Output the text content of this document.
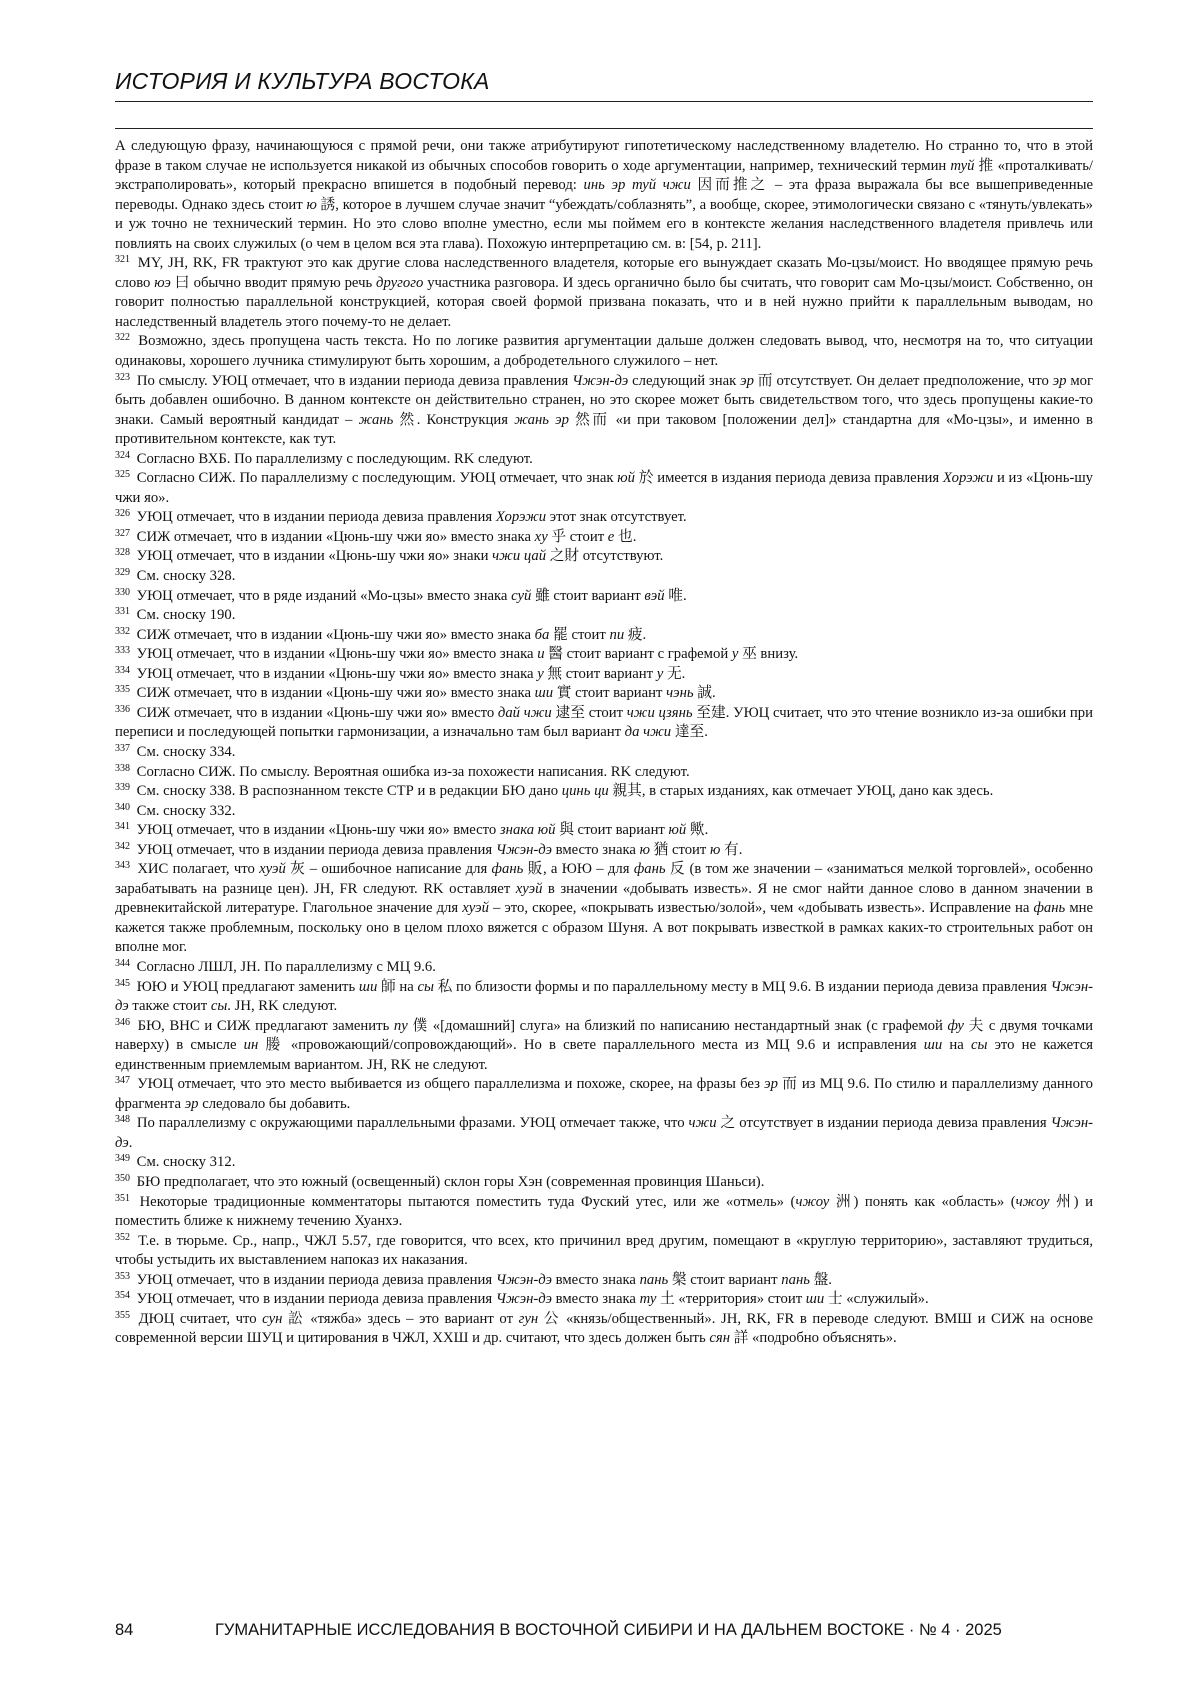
ИСТОРИЯ И КУЛЬТУРА ВОСТОКА

А следующую фразу, начинающуюся с прямой речи, они также атрибутируют гипотетическому наследственному владетелю. Но странно то, что в этой фразе в таком случае не используется никакой из обычных способов говорить о ходе аргументации, например, технический термин туй 推 «проталкивать/экстраполировать», который прекрасно впишется в подобный перевод: инь эр туй чжи 因而推之 – эта фраза выражала бы все вышеприведенные переводы. Однако здесь стоит ю 誘, которое в лучшем случае значит “убеждать/соблазнять”, а вообще, скорее, этимологически связано с «тянуть/увлекать» и уж точно не технический термин. Но это слово вполне уместно, если мы поймем его в контексте желания наследственного владетеля привлечь или повлиять на своих служилых (о чем в целом вся эта глава). Похожую интерпретацию см. в: [54, p. 211].

$^{321}$ MY, JH, RK, FR трактуют это как другие слова наследственного владетеля, которые его вынуждает сказать Мо-цзы/моист. Но вводящее прямую речь слово юэ 曰 обычно вводит прямую речь другого участника разговора. И здесь органично было бы считать, что говорит сам Мо-цзы/моист. Собственно, он говорит полностью параллельной конструкцией, которая своей формой призвана показать, что и в ней нужно прийти к параллельным выводам, но наследственный владетель этого почему-то не делает.

$^{322}$ Возможно, здесь пропущена часть текста. Но по логике развития аргументации дальше должен следовать вывод, что, несмотря на то, что ситуации одинаковы, хорошего лучника стимулируют быть хорошим, а добродетельного служилого – нет.

$^{323}$ По смыслу. УЮЦ отмечает, что в издании периода девиза правления Чжэн-дэ следующий знак эр 而 отсутствует. Он делает предположение, что эр мог быть добавлен ошибочно. В данном контексте он действительно странен, но это скорее может быть свидетельством того, что здесь пропущены какие-то знаки. Самый вероятный кандидат – жань 然. Конструкция жань эр 然而 «и при таковом [положении дел]» стандартна для «Мо-цзы», и именно в противительном контексте, как тут.

$^{324}$ Согласно ВХБ. По параллелизму с последующим. RK следуют.

$^{325}$ Согласно СИЖ. По параллелизму с последующим. УЮЦ отмечает, что знак юй 於 имеется в издания периода девиза правления Хорэжи и из «Цюнь-шу чжи яо».

$^{326}$ УЮЦ отмечает, что в издании периода девиза правления Хорэжи этот знак отсутствует.

$^{327}$ СИЖ отмечает, что в издании «Цюнь-шу чжи яо» вместо знака ху 乎 стоит е 也.

$^{328}$ УЮЦ отмечает, что в издании «Цюнь-шу чжи яо» знаки чжи цай 之財 отсутствуют.

$^{329}$ См. сноску 328.

$^{330}$ УЮЦ отмечает, что в ряде изданий «Мо-цзы» вместо знака суй 雖 стоит вариант вэй 唯.

$^{331}$ См. сноску 190.

$^{332}$ СИЖ отмечает, что в издании «Цюнь-шу чжи яо» вместо знака ба 罷 стоит пи 疲.

$^{333}$ УЮЦ отмечает, что в издании «Цюнь-шу чжи яо» вместо знака и 醫 стоит вариант с графемой у 巫 внизу.

$^{334}$ УЮЦ отмечает, что в издании «Цюнь-шу чжи яо» вместо знака у 無 стоит вариант у 无.

$^{335}$ СИЖ отмечает, что в издании «Цюнь-шу чжи яо» вместо знака ши 實 стоит вариант чэнь 誠.

$^{336}$ СИЖ отмечает, что в издании «Цюнь-шу чжи яо» вместо дай чжи 逮至 стоит чжи цзянь 至建. УЮЦ считает, что это чтение возникло из-за ошибки при переписи и последующей попытки гармонизации, а изначально там был вариант да чжи 達至.

$^{337}$ См. сноску 334.

$^{338}$ Согласно СИЖ. По смыслу. Вероятная ошибка из-за похожести написания. RK следуют.

$^{339}$ См. сноску 338. В распознанном тексте СТР и в редакции БЮ дано цинь ци 親其, в старых изданиях, как отмечает УЮЦ, дано как здесь.

$^{340}$ См. сноску 332.

$^{341}$ УЮЦ отмечает, что в издании «Цюнь-шу чжи яо» вместо знака юй 與 стоит вариант юй 歟.

$^{342}$ УЮЦ отмечает, что в издании периода девиза правления Чжэн-дэ вместо знака ю 猶 стоит ю 有.

$^{343}$ ХИС полагает, что хуэй 灰 – ошибочное написание для фань 販, а ЮЮ – для фань 反 (в том же значении – «заниматься мелкой торговлей», особенно зарабатывать на разнице цен). JH, FR следуют. RK оставляет хуэй в значении «добывать известь». Я не смог найти данное слово в данном значении в древнекитайской литературе. Глагольное значение для хуэй – это, скорее, «покрывать известью/золой», чем «добывать известь». Исправление на фань мне кажется также проблемным, поскольку оно в целом плохо вяжется с образом Шуня. А вот покрывать известкой в рамках каких-то строительных работ он вполне мог.

$^{344}$ Согласно ЛШЛ, JH. По параллелизму с МЦ 9.6.

$^{345}$ ЮЮ и УЮЦ предлагают заменить ши 師 на сы 私 по близости формы и по параллельному месту в МЦ 9.6. В издании периода девиза правления Чжэн-дэ также стоит сы. JH, RK следуют.

$^{346}$ БЮ, ВНС и СИЖ предлагают заменить пу 僕 «[домашний] слуга» на близкий по написанию нестандартный знак (с графемой фу 夫 с двумя точками наверху) в смысле ин 媵 «провожающий/сопровождающий». Но в свете параллельного места из МЦ 9.6 и исправления ши на сы это не кажется единственным приемлемым вариантом. JH, RK не следуют.

$^{347}$ УЮЦ отмечает, что это место выбивается из общего параллелизма и похоже, скорее, на фразы без эр 而 из МЦ 9.6. По стилю и параллелизму данного фрагмента эр следовало бы добавить.

$^{348}$ По параллелизму с окружающими параллельными фразами. УЮЦ отмечает также, что чжи 之 отсутствует в издании периода девиза правления Чжэн-дэ.

$^{349}$ См. сноску 312.

$^{350}$ БЮ предполагает, что это южный (освещенный) склон горы Хэн (современная провинция Шаньси).

$^{351}$ Некоторые традиционные комментаторы пытаются поместить туда Фуский утес, или же «отмель» (чжоу 洲) понять как «область» (чжоу 州) и поместить ближе к нижнему течению Хуанхэ.

$^{352}$ Т.е. в тюрьме. Ср., напр., ЧЖЛ 5.57, где говорится, что всех, кто причинил вред другим, помещают в «круглую территорию», заставляют трудиться, чтобы устыдить их выставлением напоказ их наказания.

$^{353}$ УЮЦ отмечает, что в издании периода девиза правления Чжэн-дэ вместо знака пань 槃 стоит вариант пань 盤.

$^{354}$ УЮЦ отмечает, что в издании периода девиза правления Чжэн-дэ вместо знака ту 土 «территория» стоит ши 士 «служилый».

$^{355}$ ДЮЦ считает, что сун 訟 «тяжба» здесь – это вариант от гун 公 «князь/общественный». JH, RK, FR в переводе следуют. ВМШ и СИЖ на основе современной версии ШУЦ и цитирования в ЧЖЛ, ХХШ и др. считают, что здесь должен быть сян 詳 «подробно объяснять».

84	ГУМАНИТАРНЫЕ ИССЛЕДОВАНИЯ В ВОСТОЧНОЙ СИБИРИ И НА ДАЛЬНЕМ ВОСТОКЕ · № 4 · 2025
